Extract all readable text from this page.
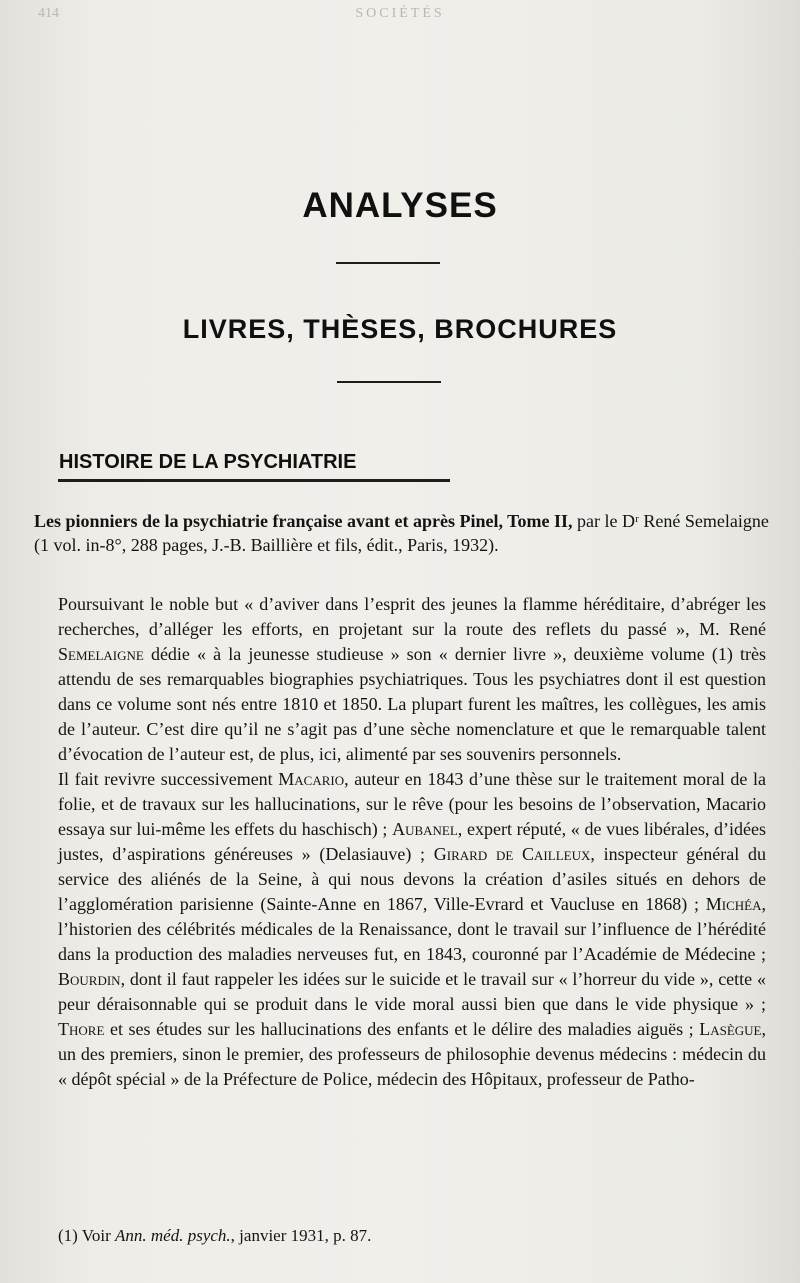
414	SOCIÉTÉS
ANALYSES
LIVRES, THÈSES, BROCHURES
HISTOIRE DE LA PSYCHIATRIE
Les pionniers de la psychiatrie française avant et après Pinel, Tome II, par le Dʳ René Semelaigne (1 vol. in-8°, 288 pages, J.-B. Baillière et fils, édit., Paris, 1932).

Poursuivant le noble but « d’aviver dans l’esprit des jeunes la flamme héréditaire, d’abréger les recherches, d’alléger les efforts, en projetant sur la route des reflets du passé », M. René Semelaigne dédie « à la jeunesse studieuse » son « dernier livre », deuxième volume (1) très attendu de ses remarquables biographies psychiatriques. Tous les psychiatres dont il est question dans ce volume sont nés entre 1810 et 1850. La plupart furent les maîtres, les collègues, les amis de l’auteur. C’est dire qu’il ne s’agit pas d’une sèche nomenclature et que le remarquable talent d’évocation de l’auteur est, de plus, ici, alimenté par ses souvenirs personnels.

Il fait revivre successivement Macario, auteur en 1843 d’une thèse sur le traitement moral de la folie, et de travaux sur les hallucinations, sur le rêve (pour les besoins de l’observation, Macario essaya sur lui-même les effets du haschisch) ; Aubanel, expert réputé, « de vues libérales, d’idées justes, d’aspirations généreuses » (Delasiauve) ; Girard de Cailleux, inspecteur général du service des aliénés de la Seine, à qui nous devons la création d’asiles situés en dehors de l’agglomération parisienne (Sainte-Anne en 1867, Ville-Evrard et Vaucluse en 1868) ; Michéa, l’historien des célébrités médicales de la Renaissance, dont le travail sur l’influence de l’hérédité dans la production des maladies nerveuses fut, en 1843, couronné par l’Académie de Médecine ; Bourdin, dont il faut rappeler les idées sur le suicide et le travail sur « l’horreur du vide », cette « peur déraisonnable qui se produit dans le vide moral aussi bien que dans le vide physique » ; Thore et ses études sur les hallucinations des enfants et le délire des maladies aiguës ; Lasègue, un des premiers, sinon le premier, des professeurs de philosophie devenus médecins : médecin du « dépôt spécial » de la Préfecture de Police, médecin des Hôpitaux, professeur de Patho-

(1) Voir Ann. méd. psych., janvier 1931, p. 87.
